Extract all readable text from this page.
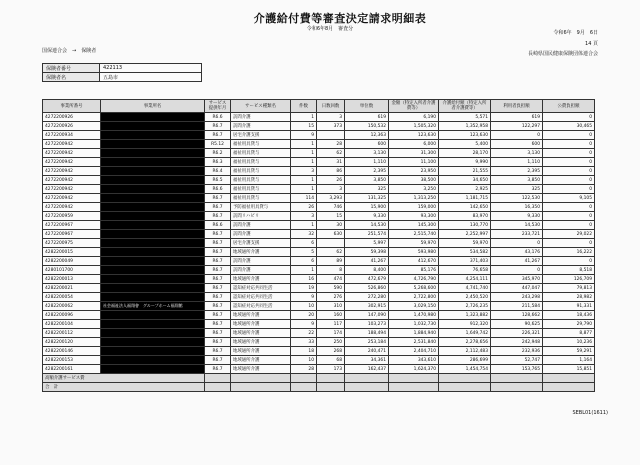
国保連合会　→　保険者
介護給付費等審査決定請求明細表
令和6年8月　審査分
令和6年　9月　6日
14 頁
長崎県国民健康保険団体連合会
保険者番号	422113
保険者名	五島市
事業所番号	事業所名	サービス提供年月	サービス種類名	件数	日数回数	単位数	金額（特定入所者介護費等）	介護給付額（特定入所者介護費等）	利用者負担額	公費負担額
4272200926		R6.6	訪問介護	1	3	619	6,190	5,571	619	0
4272200926		R6.7	訪問介護	15	373	150,532	1,505,320	1,352,958	122,297	30,465
4272200934		R6.7	居宅介護支援	9		12,363	123,630	123,630	0	0
4272200942		R5.12	福祉用具貸与	1	28	600	6,000	5,400	600	0
4272200942		R6.2	福祉用具貸与	1	62	3,130	31,300	28,170	3,130	0
4272200942		R6.3	福祉用具貸与	1	31	1,110	11,100	9,990	1,110	0
4272200942		R6.4	福祉用具貸与	3	86	2,395	23,950	21,555	2,395	0
4272200942		R6.5	福祉用具貸与	1	26	3,850	38,500	34,650	3,850	0
4272200942		R6.6	福祉用具貸与	1	3	325	3,250	2,925	325	0
4272200942		R6.7	福祉用具貸与	114	3,293	131,325	1,313,250	1,181,715	122,530	9,105
4272200942		R6.7	予防福祉用具貸与	26	746	15,900	159,000	142,650	16,350	0
4272200959		R6.7	訪問リハビリ	3	15	9,330	93,300	83,970	9,330	0
4272200967		R6.6	訪問介護	1	30	14,530	145,300	130,770	14,530	0
4272200967		R6.7	訪問介護	32	630	251,574	2,515,740	2,252,997	233,721	29,022
4272200975		R6.7	居宅介護支援	6		5,997	59,970	59,970	0	0
4282200015		R6.7	地域通所介護	5	62	59,398	593,980	534,582	43,176	16,222
4282200049		R6.7	訪問介護	6	89	41,267	412,670	371,403	41,267	0
4280101700		R6.7	訪問介護	1	8	8,400	85,176	76,658	0	8,518
4282200013		R6.7	地域通所介護	16	474	472,679	4,726,790	4,254,111	345,970	126,709
4282200021		R6.7	認知症対応共同生活	19	590	526,860	5,268,600	4,741,740	447,047	79,813
4282200054		R6.7	認知症対応共同生活	9	276	272,280	2,722,800	2,450,520	243,298	28,982
4282200062	社会福祉法人福翔會　グループホーム福翔館	R6.7	認知症対応共同生活	10	310	302,915	3,029,150	2,726,235	211,584	91,331
4282200096		R6.7	地域通所介護	20	160	147,090	1,470,980	1,323,882	128,662	18,436
4282200104		R6.7	地域通所介護	9	117	103,273	1,032,730	912,320	90,625	29,790
4282200112		R6.7	地域通所介護	22	174	188,494	1,884,940	1,649,742	226,321	8,877
4282200120		R6.7	地域通所介護	33	250	253,184	2,531,840	2,278,656	242,948	10,236
4282200146		R6.7	地域通所介護	18	268	240,471	2,404,710	2,112,483	232,936	59,291
4282200153		R6.7	地域通所介護	10	68	34,361	343,610	286,699	52,747	1,164
4282200161		R6.7	地域通所介護	28	173	162,437	1,624,370	1,454,754	153,765	15,851
高額介護サービス費										
合　計										
SEBL01(1611)
